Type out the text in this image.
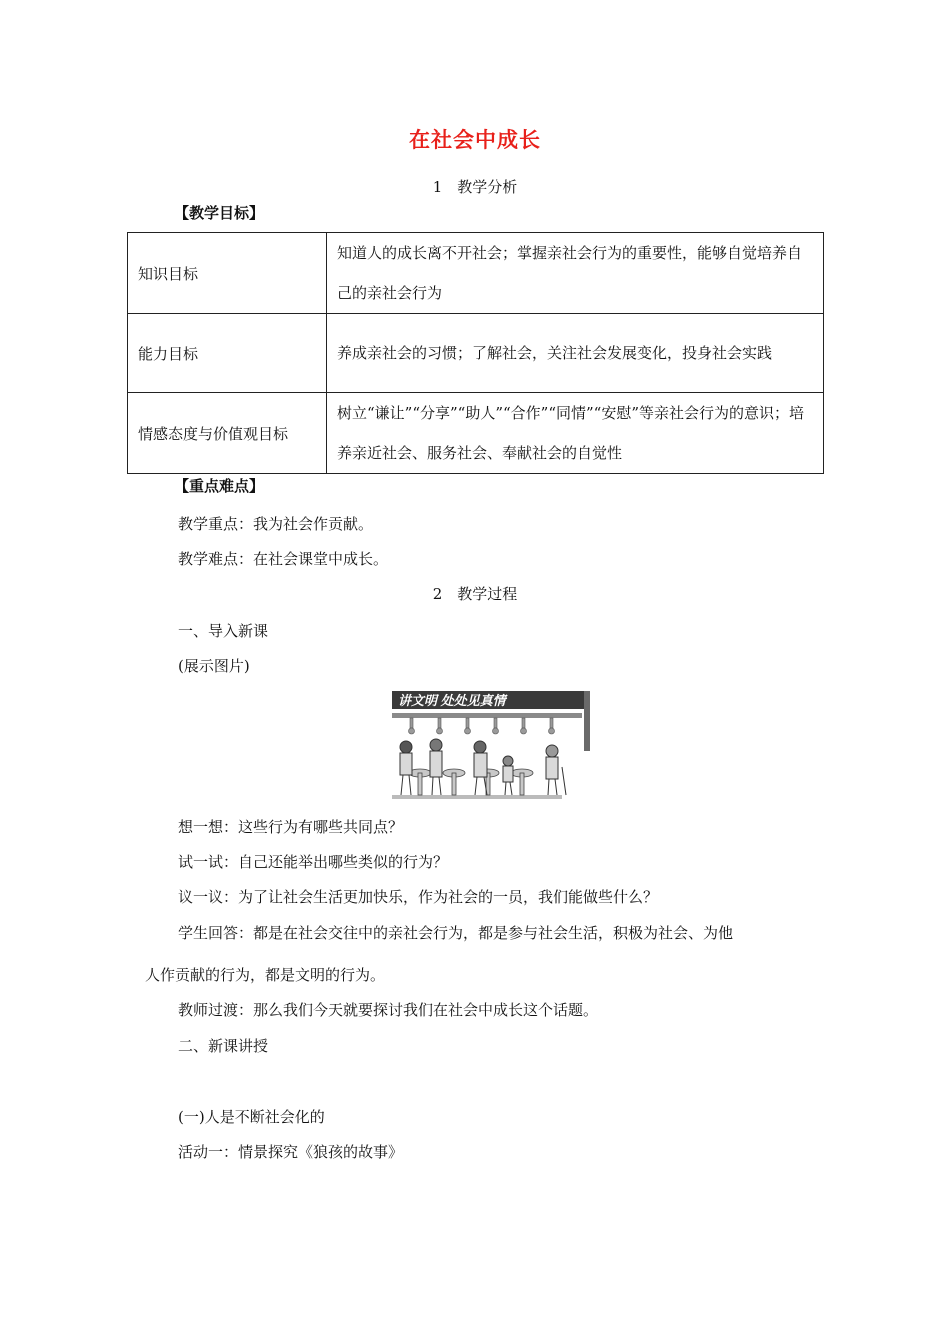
在社会中成长
1  教学分析
【教学目标】
知识目标	知道人的成长离不开社会；掌握亲社会行为的重要性，能够自觉培养自己的亲社会行为
能力目标	养成亲社会的习惯；了解社会，关注社会发展变化，投身社会实践
情感态度与价值观目标	树立“谦让”“分享”“助人”“合作”“同情”“安慰”等亲社会行为的意识；培养亲近社会、服务社会、奉献社会的自觉性
【重点难点】
教学重点：我为社会作贡献。
教学难点：在社会课堂中成长。
2  教学过程
一、导入新课
(展示图片)
讲文明 处处见真情
想一想：这些行为有哪些共同点？
试一试：自己还能举出哪些类似的行为？
议一议：为了让社会生活更加快乐，作为社会的一员，我们能做些什么？
学生回答：都是在社会交往中的亲社会行为，都是参与社会生活，积极为社会、为他
人作贡献的行为，都是文明的行为。
教师过渡：那么我们今天就要探讨我们在社会中成长这个话题。
二、新课讲授
(一)人是不断社会化的
活动一：情景探究《狼孩的故事》
